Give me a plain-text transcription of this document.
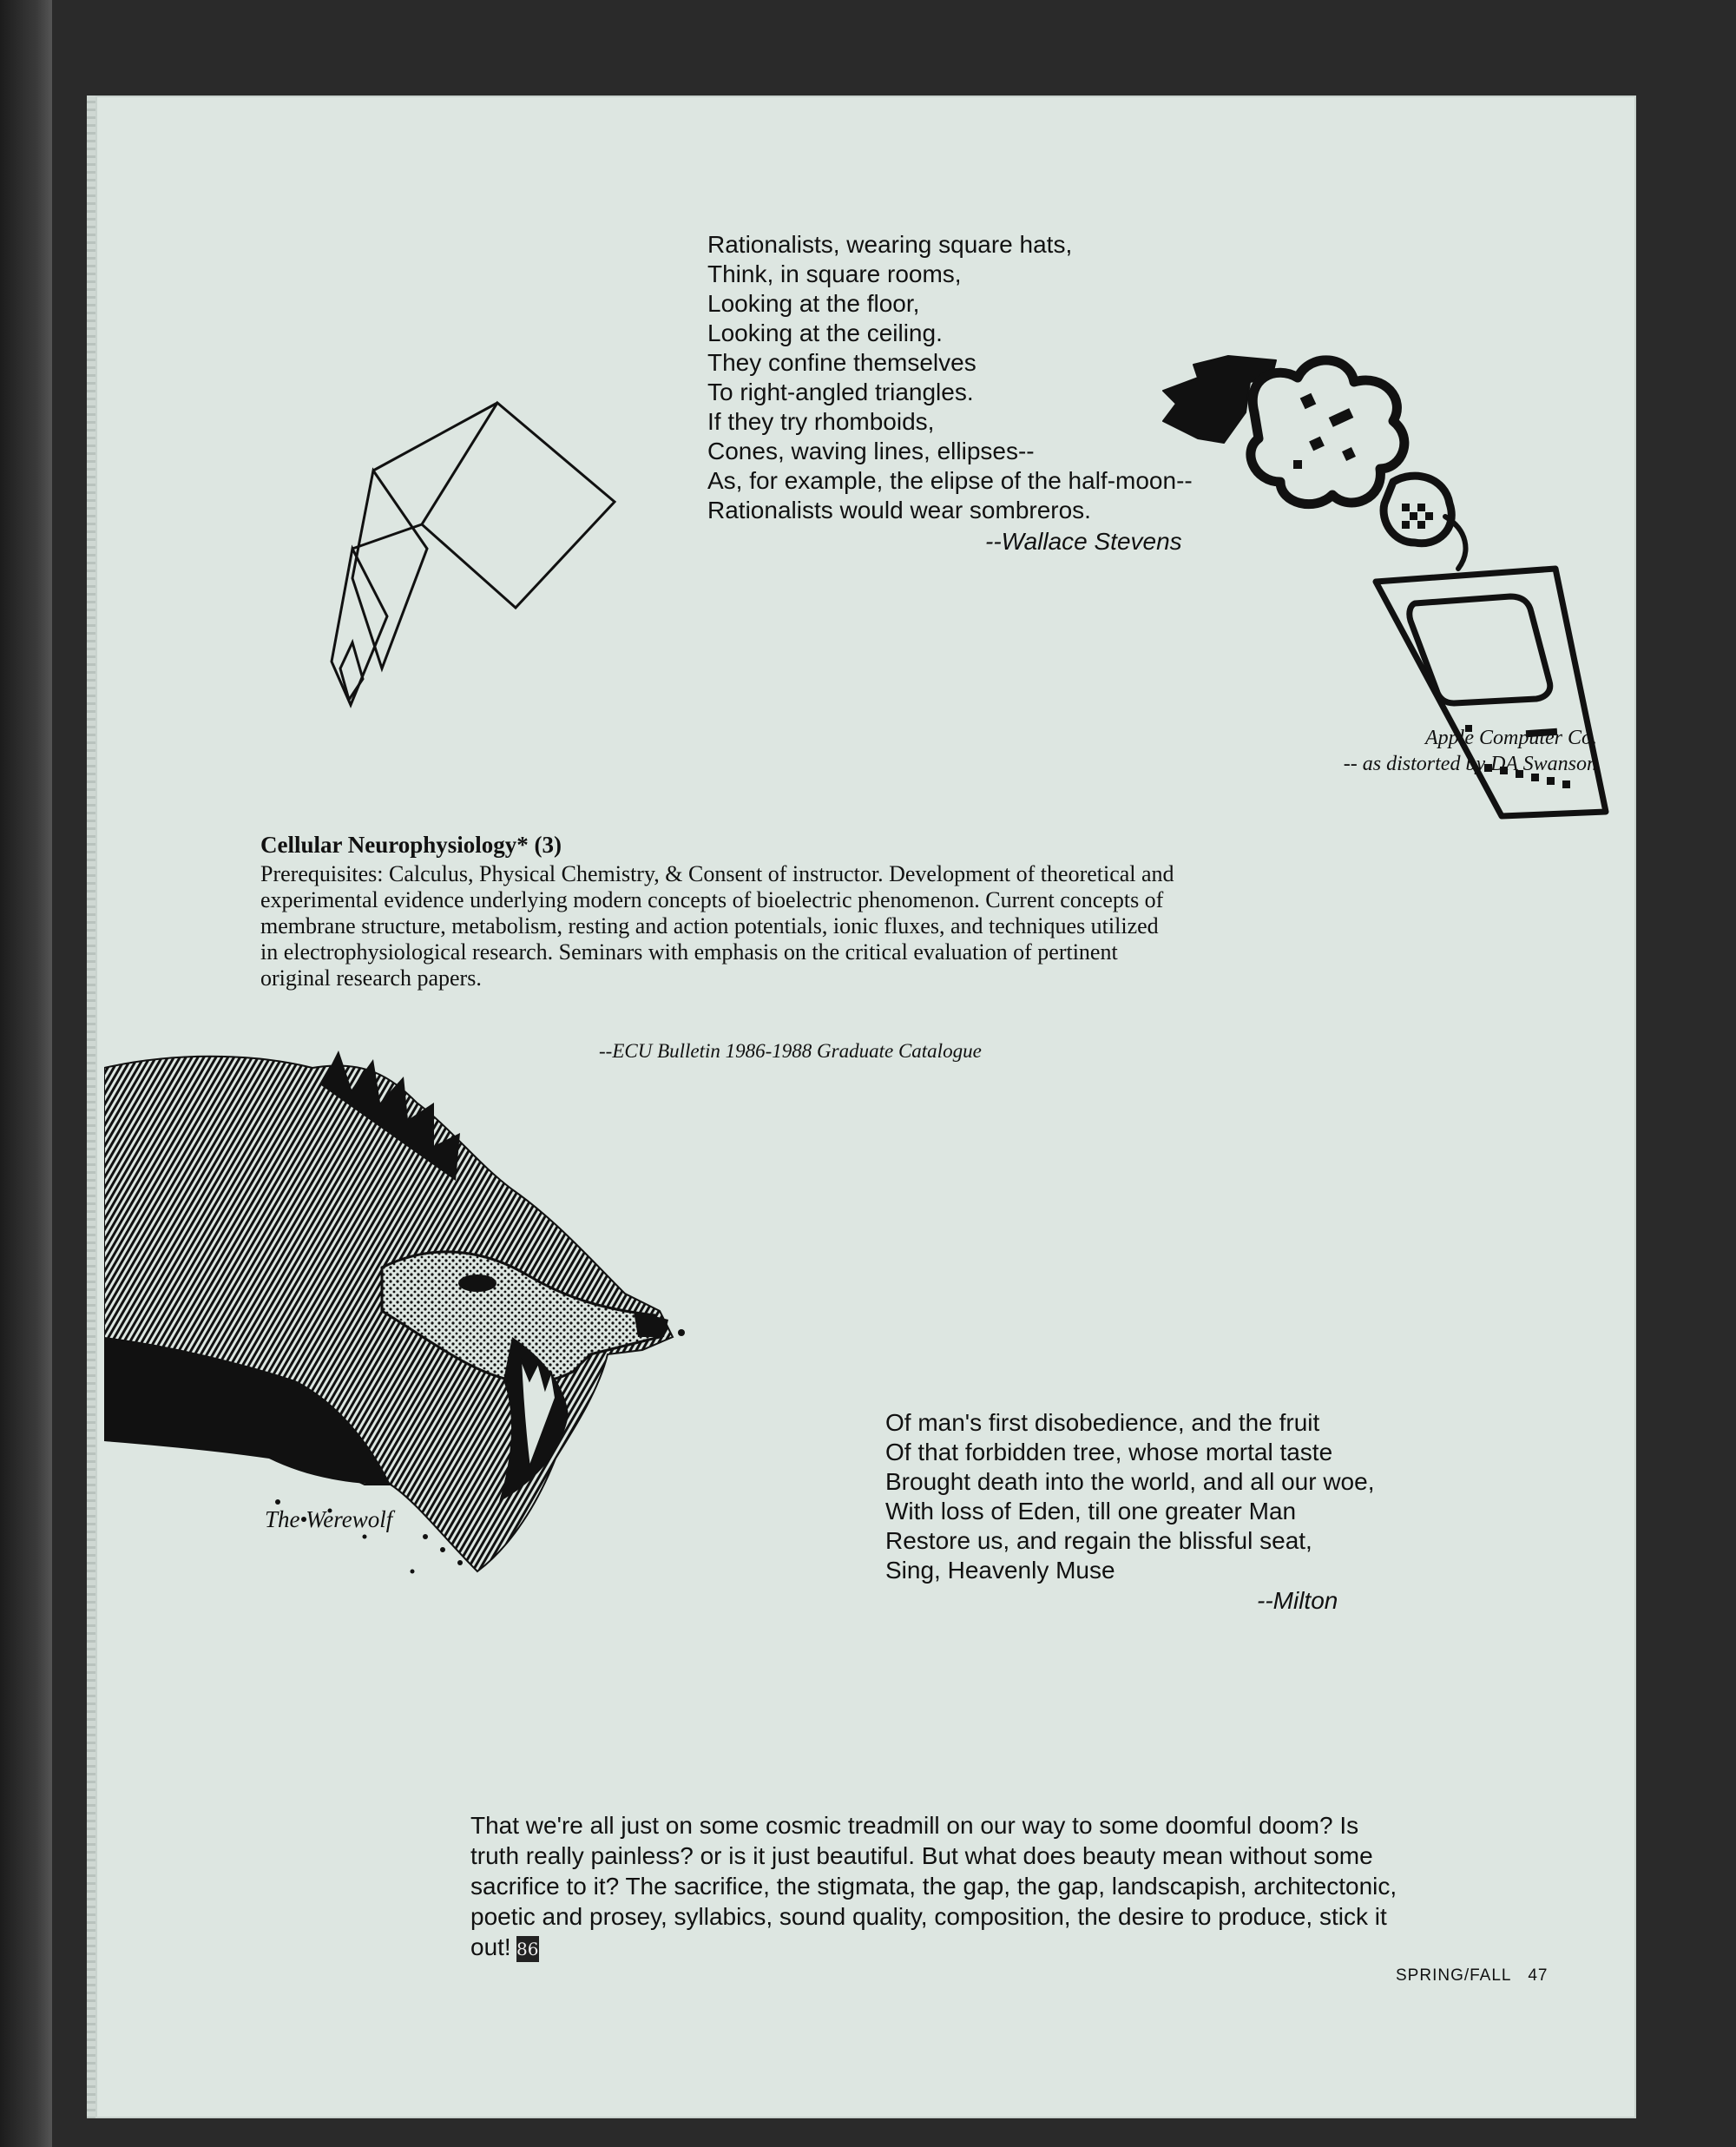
Rationalists, wearing square hats,
Think, in square rooms,
Looking at the floor,
Looking at the ceiling.
They confine themselves
To right-angled triangles.
If they try rhomboids,
Cones, waving lines, ellipses--
As, for example, the elipse of the half-moon--
Rationalists would wear sombreros.
--Wallace Stevens
Apple Computer Co.
-- as distorted by DA Swanson
Cellular Neurophysiology* (3)
Prerequisites: Calculus, Physical Chemistry, & Consent of instructor. Development of theoretical and experimental evidence underlying modern concepts of bioelectric phenomenon. Current concepts of membrane structure, metabolism, resting and action potentials, ionic fluxes, and techniques utilized in electrophysiological research. Seminars with emphasis on the critical evaluation of pertinent original research papers.
--ECU Bulletin 1986-1988 Graduate Catalogue
The Werewolf
Of man's first disobedience, and the fruit
Of that forbidden tree, whose mortal taste
Brought death into the world, and all our woe,
With loss of Eden, till one greater Man
Restore us, and regain the blissful seat,
Sing, Heavenly Muse
--Milton
That we're all just on some cosmic treadmill on our way to some doomful doom? Is truth really painless? or is it just beautiful. But what does beauty mean without some sacrifice to it? The sacrifice, the stigmata, the gap, the gap, landscapish, architectonic, poetic and prosey, syllabics, sound quality, composition, the desire to produce, stick it out! 86
SPRING/FALL 47
